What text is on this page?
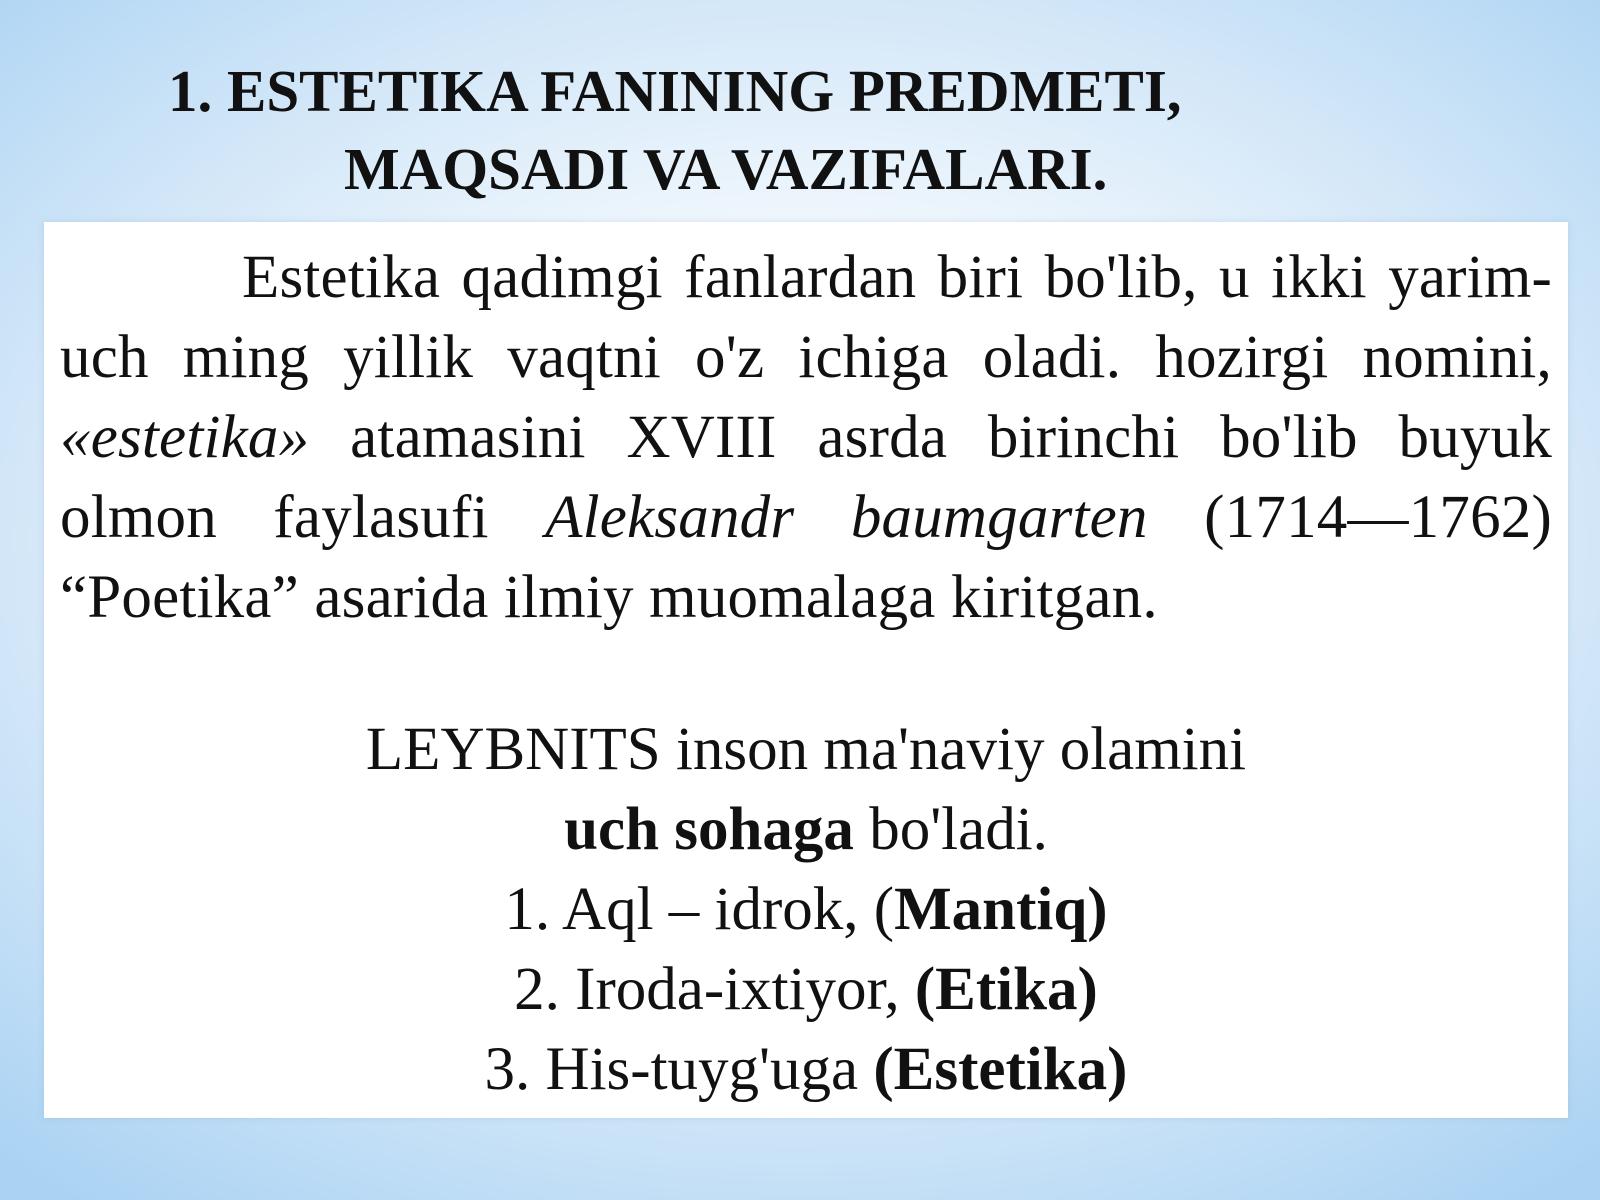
1. ESTETIKA FANINING PREDMETI,
MAQSADI VA VAZIFALARI.

Estetika qadimgi fanlardan biri bo'lib, u ikki yarim-uch ming yillik vaqtni o'z ichiga oladi. hozirgi nomini, «estetika» atamasini XVIII asrda birinchi bo'lib buyuk olmon faylasufi Aleksandr baumgarten (1714—1762) “Poetika” asarida ilmiy muomalaga kiritgan.

LEYBNITS inson ma'naviy olamini
uch sohaga bo'ladi.
1. Aql – idrok, (Mantiq)
2. Iroda-ixtiyor, (Etika)
3. His-tuyg'uga (Estetika)
